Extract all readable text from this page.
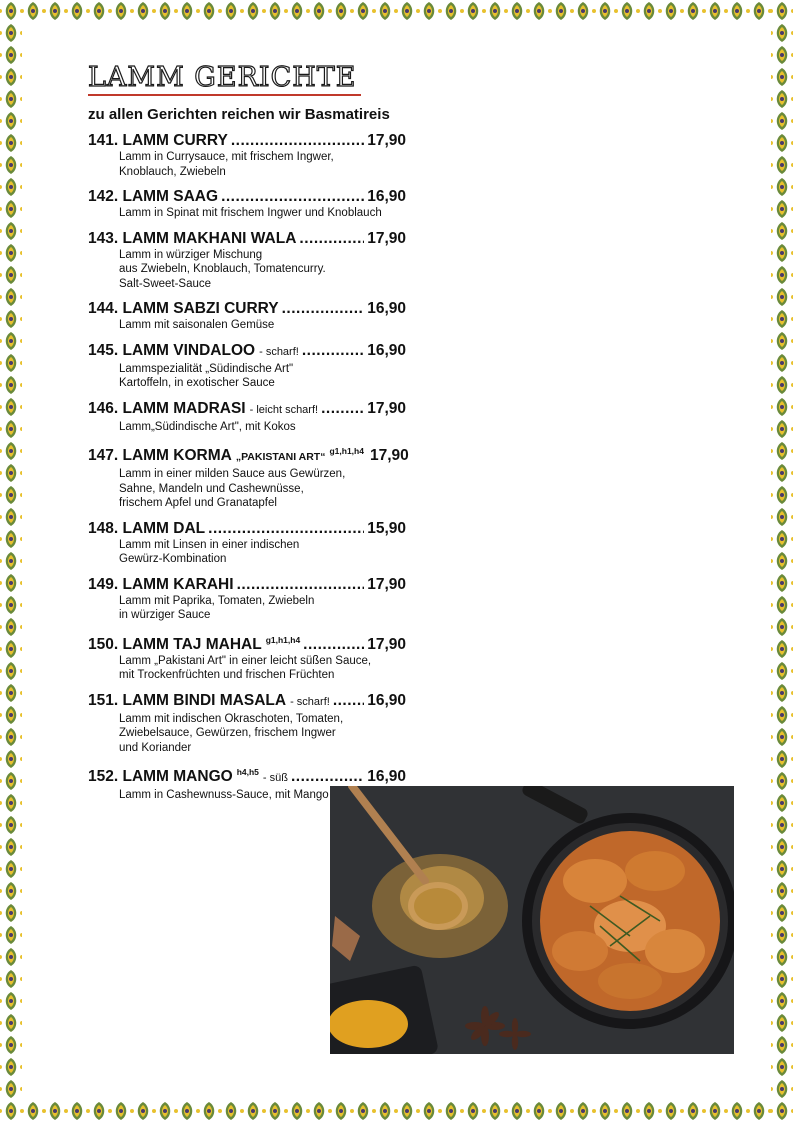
LAMM GERICHTE
zu allen Gerichten reichen wir Basmatireis
141. LAMM CURRY .....	17,90
Lamm in Currysauce, mit frischem Ingwer,
Knoblauch, Zwiebeln
142. LAMM SAAG .....	16,90
Lamm in Spinat mit frischem Ingwer und Knoblauch
143. LAMM MAKHANI WALA .....	17,90
Lamm in würziger Mischung
aus Zwiebeln, Knoblauch, Tomatencurry.
Salt-Sweet-Sauce
144. LAMM SABZI CURRY .....	16,90
Lamm mit saisonalen Gemüse
145. LAMM VINDALOO - scharf! .....	16,90
Lammspezialität „Südindische Art"
Kartoffeln, in exotischer Sauce
146. LAMM MADRASI - leicht scharf! .....	17,90
Lamm„Südindische Art", mit Kokos
147. LAMM KORMA „PAKISTANI ART“$^{g1,h1,h4}$ 17,90
Lamm in einer milden Sauce aus Gewürzen,
Sahne, Mandeln und Cashewnüsse,
frischem Apfel und Granatapfel
148. LAMM DAL .....	15,90
Lamm mit Linsen in einer indischen
Gewürz-Kombination
149. LAMM KARAHI .....	17,90
Lamm mit Paprika, Tomaten, Zwiebeln
in würziger Sauce
150. LAMM TAJ MAHAL $^{g1,h1,h4}$ .....	17,90
Lamm „Pakistani Art" in einer leicht süßen Sauce,
mit Trockenfrüchten und frischen Früchten
151. LAMM BINDI MASALA - scharf! ..... 16,90
Lamm mit indischen Okraschoten, Tomaten,
Zwiebelsauce, Gewürzen, frischem Ingwer
und Koriander
152. LAMM MANGO $^{h4,h5}$- süß .....	16,90
Lamm in Cashewnuss-Sauce, mit Mango
